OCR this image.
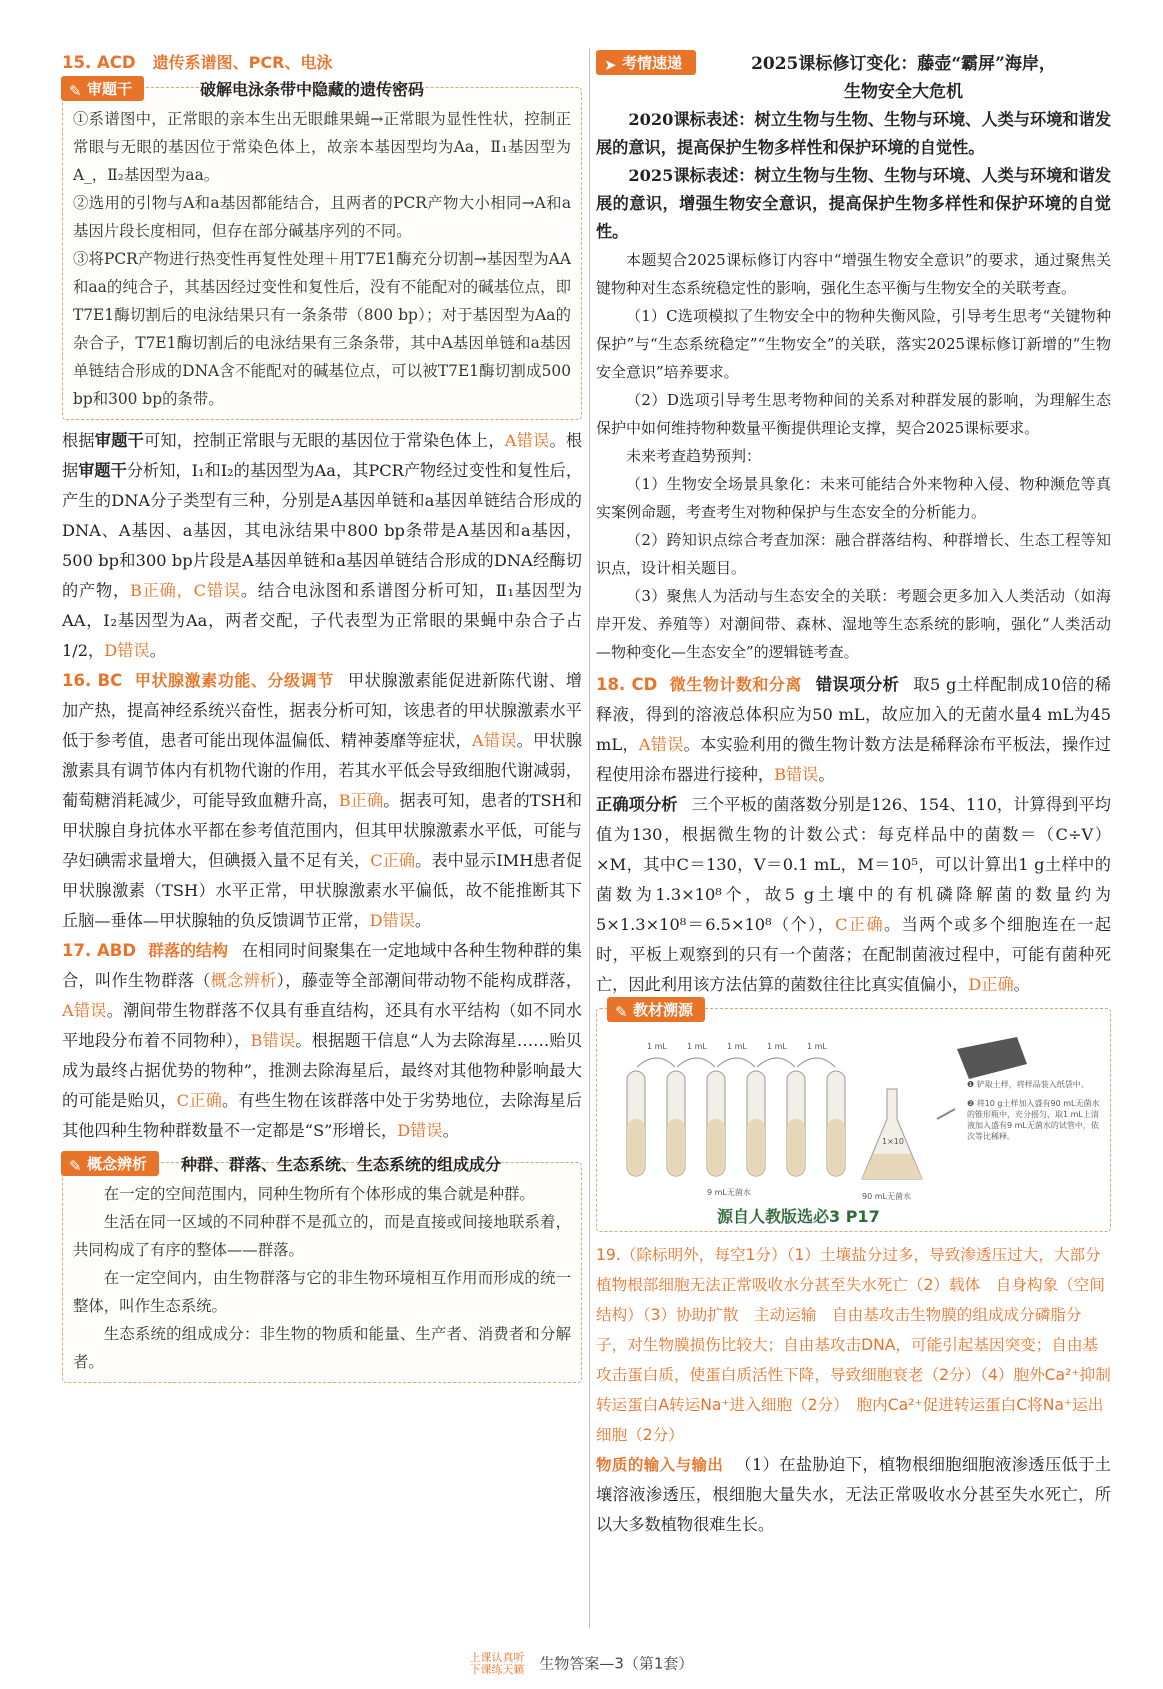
15. ACD 遗传系谱图、PCR、电泳
✎ 审题干	破解电泳条带中隐藏的遗传密码

①系谱图中，正常眼的亲本生出无眼雌果蝇→正常眼为显性性状，控制正常眼与无眼的基因位于常染色体上，故亲本基因型均为Aa，Ⅱ₁基因型为A_，Ⅱ₂基因型为aa。

②选用的引物与A和a基因都能结合，且两者的PCR产物大小相同→A和a基因片段长度相同，但存在部分碱基序列的不同。

③将PCR产物进行热变性再复性处理＋用T7E1酶充分切割→基因型为AA和aa的纯合子，其基因经过变性和复性后，没有不能配对的碱基位点，即T7E1酶切割后的电泳结果只有一条条带（800 bp）；对于基因型为Aa的杂合子，T7E1酶切割后的电泳结果有三条条带，其中A基因单链和a基因单链结合形成的DNA含不能配对的碱基位点，可以被T7E1酶切割成500 bp和300 bp的条带。

根据审题干可知，控制正常眼与无眼的基因位于常染色体上，A错误。根据审题干分析知，Ⅰ₁和Ⅰ₂的基因型为Aa，其PCR产物经过变性和复性后，产生的DNA分子类型有三种，分别是A基因单链和a基因单链结合形成的DNA、A基因、a基因，其电泳结果中800 bp条带是A基因和a基因，500 bp和300 bp片段是A基因单链和a基因单链结合形成的DNA经酶切的产物，B正确，C错误。结合电泳图和系谱图分析可知，Ⅱ₁基因型为AA，Ⅰ₂基因型为Aa，两者交配，子代表型为正常眼的果蝇中杂合子占1/2，D错误。

16. BC 甲状腺激素功能、分级调节 甲状腺激素能促进新陈代谢、增加产热，提高神经系统兴奋性，据表分析可知，该患者的甲状腺激素水平低于参考值，患者可能出现体温偏低、精神萎靡等症状，A错误。甲状腺激素具有调节体内有机物代谢的作用，若其水平低会导致细胞代谢减弱，葡萄糖消耗减少，可能导致血糖升高，B正确。据表可知，患者的TSH和甲状腺自身抗体水平都在参考值范围内，但其甲状腺激素水平低，可能与孕妇碘需求量增大，但碘摄入量不足有关，C正确。表中显示IMH患者促甲状腺激素（TSH）水平正常，甲状腺激素水平偏低，故不能推断其下丘脑—垂体—甲状腺轴的负反馈调节正常，D错误。

17. ABD 群落的结构 在相同时间聚集在一定地域中各种生物种群的集合，叫作生物群落（概念辨析），藤壶等全部潮间带动物不能构成群落，A错误。潮间带生物群落不仅具有垂直结构，还具有水平结构（如不同水平地段分布着不同物种），B错误。根据题干信息“人为去除海星……贻贝成为最终占据优势的物种”，推测去除海星后，最终对其他物种影响最大的可能是贻贝，C正确。有些生物在该群落中处于劣势地位，去除海星后其他四种生物种群数量不一定都是“S”形增长，D错误。

✎ 概念辨析	种群、群落、生态系统、生态系统的组成成分

在一定的空间范围内，同种生物所有个体形成的集合就是种群。

生活在同一区域的不同种群不是孤立的，而是直接或间接地联系着，共同构成了有序的整体——群落。

在一定空间内，由生物群落与它的非生物环境相互作用而形成的统一整体，叫作生态系统。

生态系统的组成成分：非生物的物质和能量、生产者、消费者和分解者。

➤ 考情速递	2025课标修订变化：藤壶“霸屏”海岸，
生物安全大危机

2020课标表述：树立生物与生物、生物与环境、人类与环境和谐发展的意识，提高保护生物多样性和保护环境的自觉性。

2025课标表述：树立生物与生物、生物与环境、人类与环境和谐发展的意识，增强生物安全意识，提高保护生物多样性和保护环境的自觉性。

本题契合2025课标修订内容中“增强生物安全意识”的要求，通过聚焦关键物种对生态系统稳定性的影响，强化生态平衡与生物安全的关联考查。

（1）C选项模拟了生物安全中的物种失衡风险，引导考生思考“关键物种保护”与“生态系统稳定”“生物安全”的关联，落实2025课标修订新增的“生物安全意识”培养要求。

（2）D选项引导考生思考物种间的关系对种群发展的影响，为理解生态保护中如何维持物种数量平衡提供理论支撑，契合2025课标要求。

未来考查趋势预判：

（1）生物安全场景具象化：未来可能结合外来物种入侵、物种濒危等真实案例命题，考查考生对物种保护与生态安全的分析能力。

（2）跨知识点综合考查加深：融合群落结构、种群增长、生态工程等知识点，设计相关题目。

（3）聚焦人为活动与生态安全的关联：考题会更多加入人类活动（如海岸开发、养殖等）对潮间带、森林、湿地等生态系统的影响，强化“人类活动—物种变化—生态安全”的逻辑链考查。

18. CD 微生物计数和分离 错误项分析 取5 g土样配制成10倍的稀释液，得到的溶液总体积应为50 mL，故应加入的无菌水量4 mL为45 mL，A错误。本实验利用的微生物计数方法是稀释涂布平板法，操作过程使用涂布器进行接种，B错误。
正确项分析 三个平板的菌落数分别是126、154、110，计算得到平均值为130，根据微生物的计数公式：每克样品中的菌数＝（C÷V）×M，其中C＝130，V＝0.1 mL，M＝10⁵，可以计算出1 g土样中的菌数为1.3×10⁸个，故5 g土壤中的有机磷降解菌的数量约为5×1.3×10⁸＝6.5×10⁸（个），C正确。当两个或多个细胞连在一起时，平板上观察到的只有一个菌落；在配制菌液过程中，可能有菌种死亡，因此利用该方法估算的菌数往往比真实值偏小，D正确。

✎ 教材溯源
1 mL	1 mL	1 mL	1 mL	1 mL
9 mL无菌水
1×10
90 mL无菌水
❶ 铲取土样，将样品装入纸袋中。
❷ 将10 g土样加入盛有90 mL无菌水的锥形瓶中，充分摇匀，取1 mL上清液加入盛有9 mL无菌水的试管中，依次等比稀释。
源自人教版选必3 P17
19.（除标明外，每空1分）（1）土壤盐分过多，导致渗透压过大，大部分植物根部细胞无法正常吸收水分甚至失水死亡（2）载体　自身构象（空间结构）（3）协助扩散　主动运输　自由基攻击生物膜的组成成分磷脂分子，对生物膜损伤比较大；自由基攻击DNA，可能引起基因突变；自由基攻击蛋白质，使蛋白质活性下降，导致细胞衰老（2分）（4）胞外Ca²⁺抑制转运蛋白A转运Na⁺进入细胞（2分）　胞内Ca²⁺促进转运蛋白C将Na⁺运出细胞（2分）

物质的输入与输出 （1）在盐胁迫下，植物根细胞细胞液渗透压低于土壤溶液渗透压，根细胞大量失水，无法正常吸收水分甚至失水死亡，所以大多数植物很难生长。

上课认真听
下课练天籁 生物答案—3（第1套）
